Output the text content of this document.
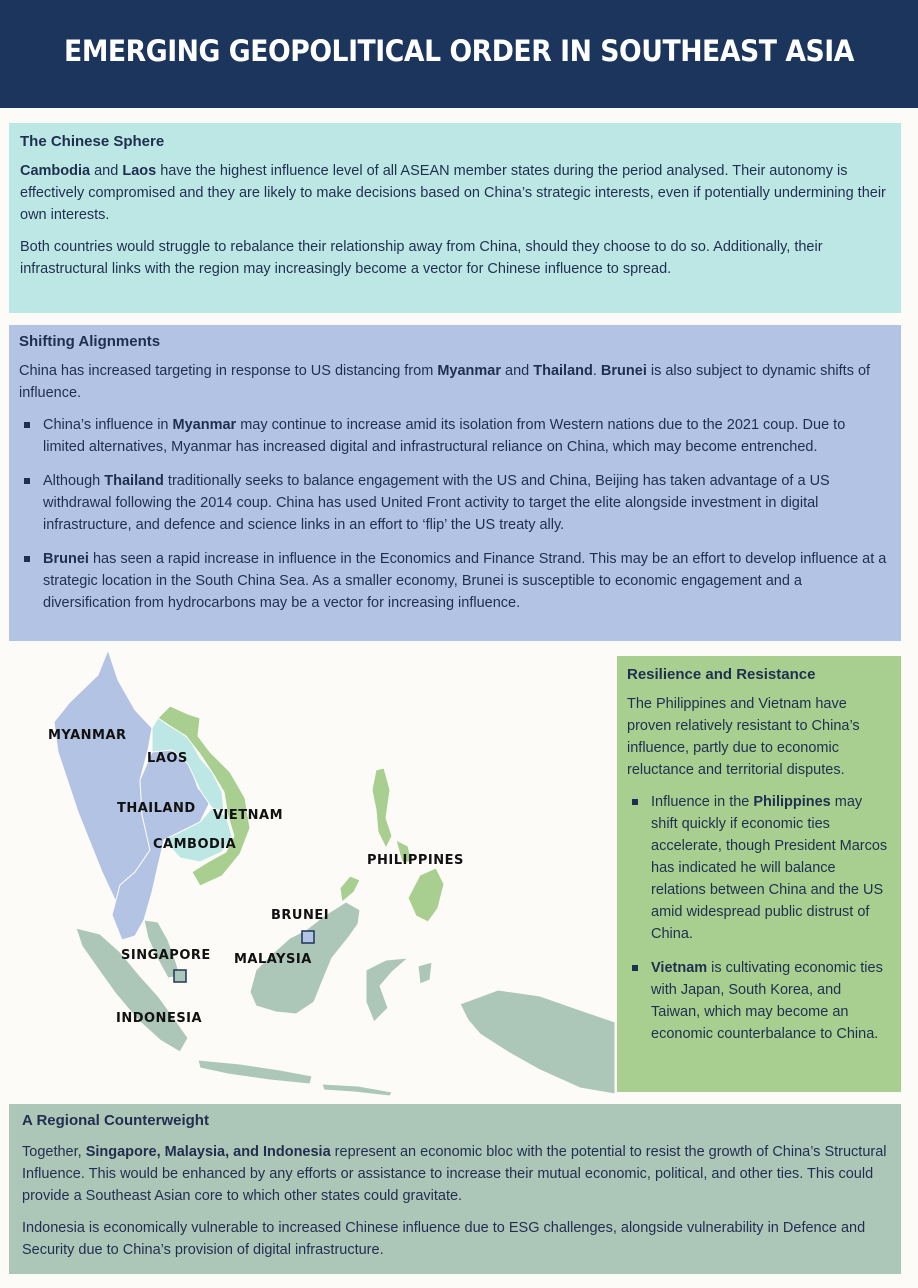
EMERGING GEOPOLITICAL ORDER IN SOUTHEAST ASIA
The Chinese Sphere

Cambodia and Laos have the highest influence level of all ASEAN member states during the period analysed. Their autonomy is effectively compromised and they are likely to make decisions based on China’s strategic interests, even if potentially undermining their own interests.

Both countries would struggle to rebalance their relationship away from China, should they choose to do so. Additionally, their infrastructural links with the region may increasingly become a vector for Chinese influence to spread.

Shifting Alignments

China has increased targeting in response to US distancing from Myanmar and Thailand. Brunei is also subject to dynamic shifts of influence.

China’s influence in Myanmar may continue to increase amid its isolation from Western nations due to the 2021 coup. Due to limited alternatives, Myanmar has increased digital and infrastructural reliance on China, which may become entrenched.
Although Thailand traditionally seeks to balance engagement with the US and China, Beijing has taken advantage of a US withdrawal following the 2014 coup. China has used United Front activity to target the elite alongside investment in digital infrastructure, and defence and science links in an effort to ‘flip’ the US treaty ally.
Brunei has seen a rapid increase in influence in the Economics and Finance Strand. This may be an effort to develop influence at a strategic location in the South China Sea. As a smaller economy, Brunei is susceptible to economic engagement and a diversification from hydrocarbons may be a vector for increasing influence.
MYANMAR
LAOS
THAILAND VIETNAM
CAMBODIA
PHILIPPINES
BRUNEI
SINGAPORE MALAYSIA
INDONESIA
Resilience and Resistance

The Philippines and Vietnam have proven relatively resistant to China’s influence, partly due to economic reluctance and territorial disputes.

Influence in the Philippines may shift quickly if economic ties accelerate, though President Marcos has indicated he will balance relations between China and the US amid widespread public distrust of China.
Vietnam is cultivating economic ties with Japan, South Korea, and Taiwan, which may become an economic counterbalance to China.
A Regional Counterweight

Together, Singapore, Malaysia, and Indonesia represent an economic bloc with the potential to resist the growth of China’s Structural Influence. This would be enhanced by any efforts or assistance to increase their mutual economic, political, and other ties. This could provide a Southeast Asian core to which other states could gravitate.

Indonesia is economically vulnerable to increased Chinese influence due to ESG challenges, alongside vulnerability in Defence and Security due to China’s provision of digital infrastructure.
